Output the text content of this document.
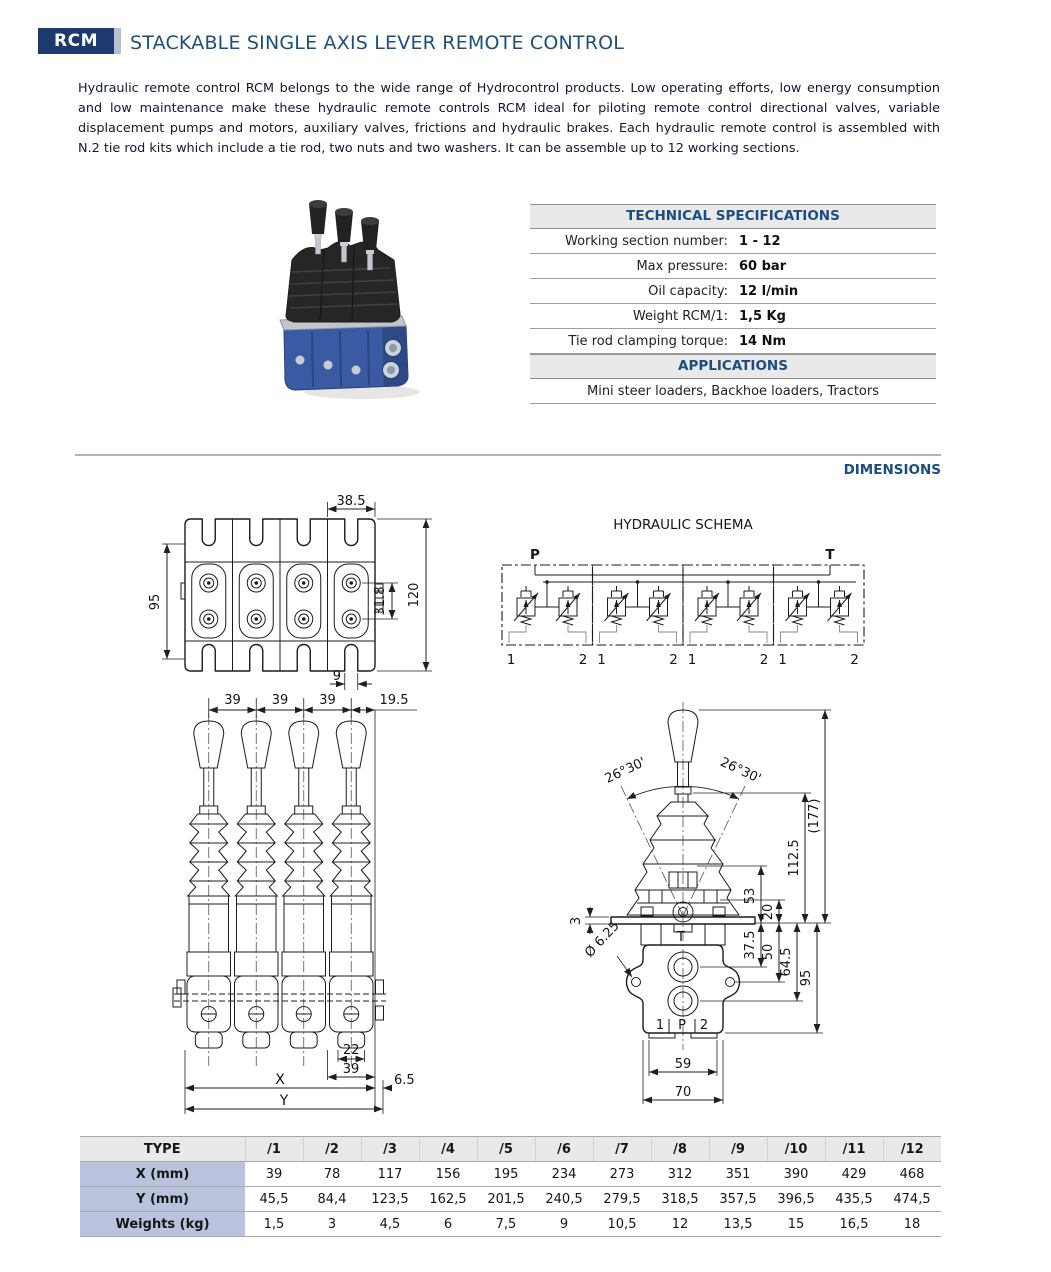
RCM	STACKABLE SINGLE AXIS LEVER REMOTE CONTROL
Hydraulic remote control RCM belongs to the wide range of Hydrocontrol products. Low operating efforts, low energy consumption and low maintenance make these hydraulic remote controls RCM ideal for piloting remote control directional valves, variable displacement pumps and motors, auxiliary valves, frictions and hydraulic brakes. Each hydraulic remote control is assembled with N.2 tie rod kits which include a tie rod, two nuts and two washers. It can be assemble up to 12 working sections.
TECHNICAL SPECIFICATIONS
Working section number: 1 - 12
Max pressure: 60 bar
Oil capacity: 12 l/min
Weight RCM/1: 1,5 Kg
Tie rod clamping torque: 14 Nm
APPLICATIONS
Mini steer loaders, Backhoe loaders, Tractors
DIMENSIONS
38.5
95	31.8 120
9
39 39 39	19.5
22
39
X	6.5
Y
1	2
HYDRAULIC SCHEMA
P	T
26°30'	26°30'
T
1 P 2
Ø 6.25
3
53
20
112.5
(177)
37.5 50 64.5
95
59
70
TYPE	/1	/2	/3	/4	/5	/6	/7	/8	/9	/10	/11	/12
X (mm)	39	78	117	156	195	234	273	312	351	390	429	468
Y (mm)	45,5	84,4	123,5	162,5	201,5	240,5	279,5	318,5	357,5	396,5	435,5	474,5
Weights (kg)	1,5	3	4,5	6	7,5	9	10,5	12	13,5	15	16,5	18
